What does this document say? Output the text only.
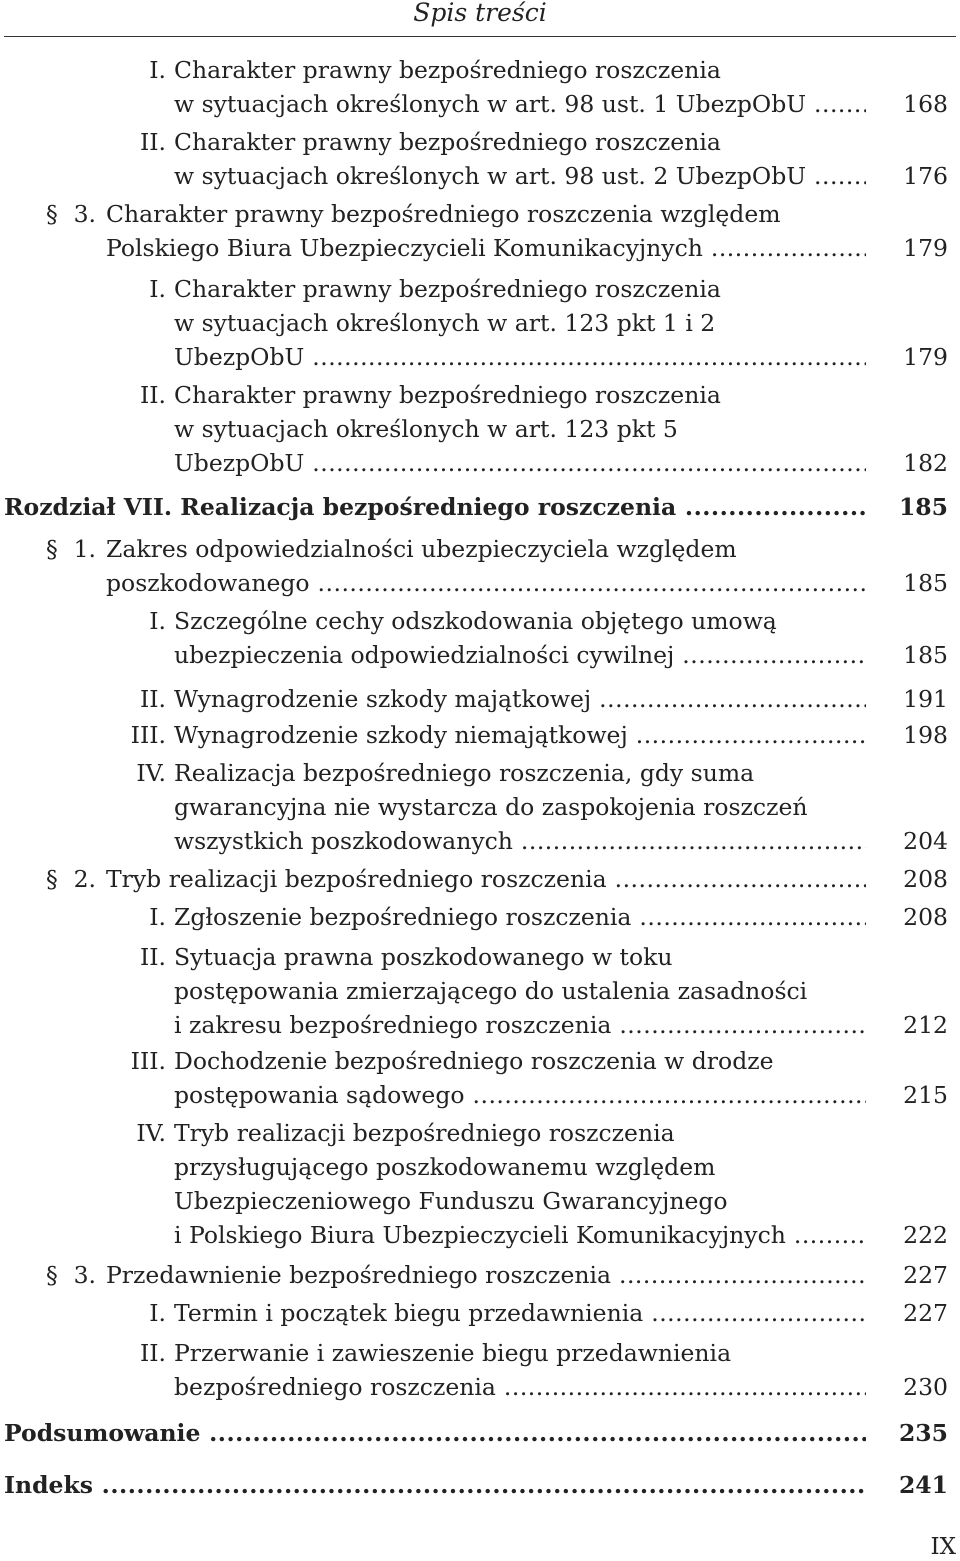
Spis treści
I. Charakter prawny bezpośredniego roszczenia
w sytuacjach określonych w art. 98 ust. 1 UbezpObU .....	168
II. Charakter prawny bezpośredniego roszczenia
w sytuacjach określonych w art. 98 ust. 2 UbezpObU .....	176
3.
§ Charakter prawny bezpośredniego roszczenia względem
Polskiego Biura Ubezpieczycieli Komunikacyjnych .....	179
I. Charakter prawny bezpośredniego roszczenia
w sytuacjach określonych w art. 123 pkt 1 i 2
UbezpObU .....	179
II. Charakter prawny bezpośredniego roszczenia
w sytuacjach określonych w art. 123 pkt 5
UbezpObU .....	182
Rozdział VII. Realizacja bezpośredniego roszczenia .....	185
1.
§ Zakres odpowiedzialności ubezpieczyciela względem
poszkodowanego .....	185
I. Szczególne cechy odszkodowania objętego umową
ubezpieczenia odpowiedzialności cywilnej .....	185
II. Wynagrodzenie szkody majątkowej .....	191
III. Wynagrodzenie szkody niemajątkowej .....	198
IV. Realizacja bezpośredniego roszczenia, gdy suma
gwarancyjna nie wystarcza do zaspokojenia roszczeń
wszystkich poszkodowanych .....	204
2.
§ Tryb realizacji bezpośredniego roszczenia .....	208
I. Zgłoszenie bezpośredniego roszczenia .....	208
II. Sytuacja prawna poszkodowanego w toku
postępowania zmierzającego do ustalenia zasadności
i zakresu bezpośredniego roszczenia .....	212
III. Dochodzenie bezpośredniego roszczenia w drodze
postępowania sądowego .....	215
IV. Tryb realizacji bezpośredniego roszczenia
przysługującego poszkodowanemu względem
Ubezpieczeniowego Funduszu Gwarancyjnego
i Polskiego Biura Ubezpieczycieli Komunikacyjnych .....	222
3.
§ Przedawnienie bezpośredniego roszczenia .....	227
I. Termin i początek biegu przedawnienia .....	227
II. Przerwanie i zawieszenie biegu przedawnienia
bezpośredniego roszczenia .....	230
Podsumowanie .....	235
Indeks .....	241
IX
